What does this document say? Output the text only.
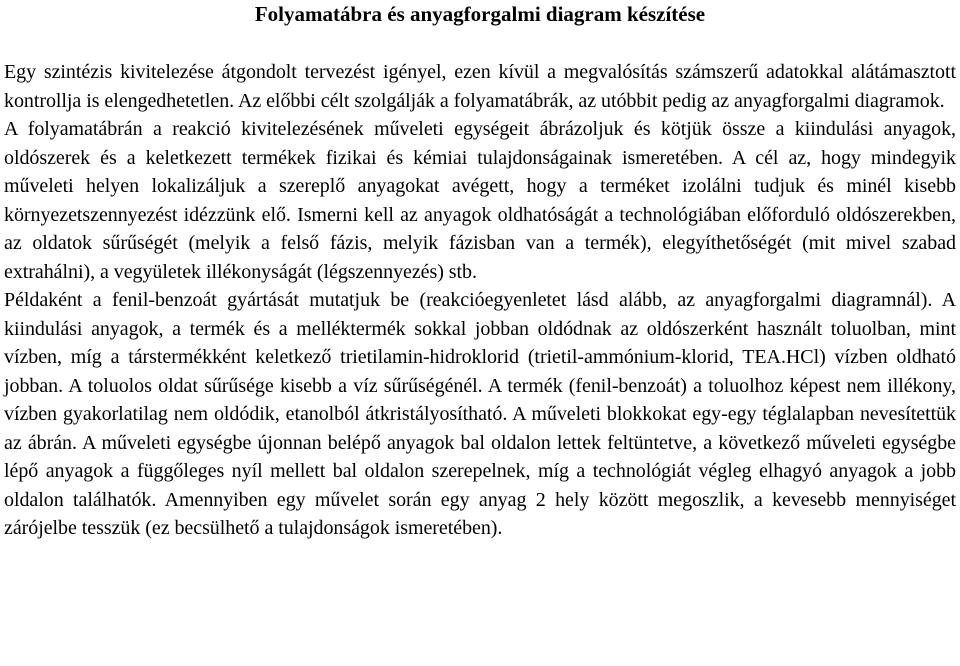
Folyamatábra és anyagforgalmi diagram készítése

Egy szintézis kivitelezése átgondolt tervezést igényel, ezen kívül a megvalósítás számszerű adatokkal alátámasztott kontrollja is elengedhetetlen. Az előbbi célt szolgálják a folyamatábrák, az utóbbit pedig az anyagforgalmi diagramok.

A folyamatábrán a reakció kivitelezésének műveleti egységeit ábrázoljuk és kötjük össze a kiindulási anyagok, oldószerek és a keletkezett termékek fizikai és kémiai tulajdonságainak ismeretében. A cél az, hogy mindegyik műveleti helyen lokalizáljuk a szereplő anyagokat avégett, hogy a terméket izolálni tudjuk és minél kisebb környezetszennyezést idézzünk elő. Ismerni kell az anyagok oldhatóságát a technológiában előforduló oldószerekben, az oldatok sűrűségét (melyik a felső fázis, melyik fázisban van a termék), elegyíthetőségét (mit mivel szabad extrahálni), a vegyületek illékonyságát (légszennyezés) stb.

Példaként a fenil-benzoát gyártását mutatjuk be (reakcióegyenletet lásd alább, az anyagforgalmi diagramnál). A kiindulási anyagok, a termék és a melléktermék sokkal jobban oldódnak az oldószerként használt toluolban, mint vízben, míg a társtermékként keletkező trietilamin-hidroklorid (trietil-ammónium-klorid, TEA.HCl) vízben oldható jobban. A toluolos oldat sűrűsége kisebb a víz sűrűségénél. A termék (fenil-benzoát) a toluolhoz képest nem illékony, vízben gyakorlatilag nem oldódik, etanolból átkristályosítható. A műveleti blokkokat egy-egy téglalapban nevesítettük az ábrán. A műveleti egységbe újonnan belépő anyagok bal oldalon lettek feltüntetve, a következő műveleti egységbe lépő anyagok a függőleges nyíl mellett bal oldalon szerepelnek, míg a technológiát végleg elhagyó anyagok a jobb oldalon találhatók. Amennyiben egy művelet során egy anyag 2 hely között megoszlik, a kevesebb mennyiséget zárójelbe tesszük (ez becsülhető a tulajdonságok ismeretében).
